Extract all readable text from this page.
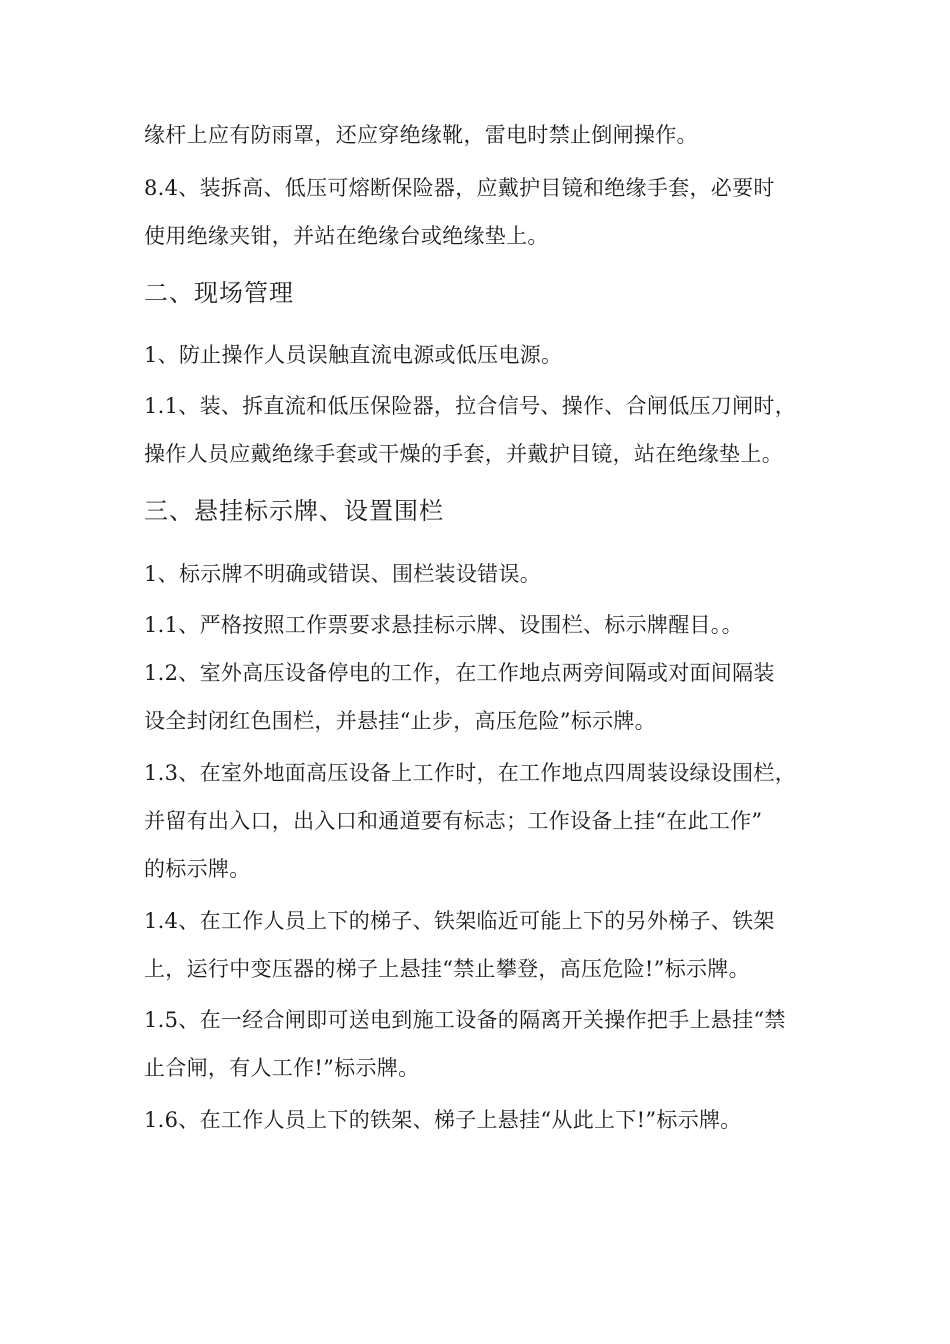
缘杆上应有防雨罩，还应穿绝缘靴，雷电时禁止倒闸操作。
8.4、装拆高、低压可熔断保险器，应戴护目镜和绝缘手套，必要时
使用绝缘夹钳，并站在绝缘台或绝缘垫上。
二、现场管理
1、防止操作人员误触直流电源或低压电源。
1.1、装、拆直流和低压保险器，拉合信号、操作、合闸低压刀闸时，
操作人员应戴绝缘手套或干燥的手套，并戴护目镜，站在绝缘垫上。
三、悬挂标示牌、设置围栏
1、标示牌不明确或错误、围栏装设错误。
1.1、严格按照工作票要求悬挂标示牌、设围栏、标示牌醒目。。
1.2、室外高压设备停电的工作，在工作地点两旁间隔或对面间隔装
设全封闭红色围栏，并悬挂“止步，高压危险”标示牌。
1.3、在室外地面高压设备上工作时，在工作地点四周装设绿设围栏，
并留有出入口，出入口和通道要有标志；工作设备上挂“在此工作”
的标示牌。
1.4、在工作人员上下的梯子、铁架临近可能上下的另外梯子、铁架
上，运行中变压器的梯子上悬挂“禁止攀登，高压危险!”标示牌。
1.5、在一经合闸即可送电到施工设备的隔离开关操作把手上悬挂“禁
止合闸，有人工作!”标示牌。
1.6、在工作人员上下的铁架、梯子上悬挂“从此上下!”标示牌。
